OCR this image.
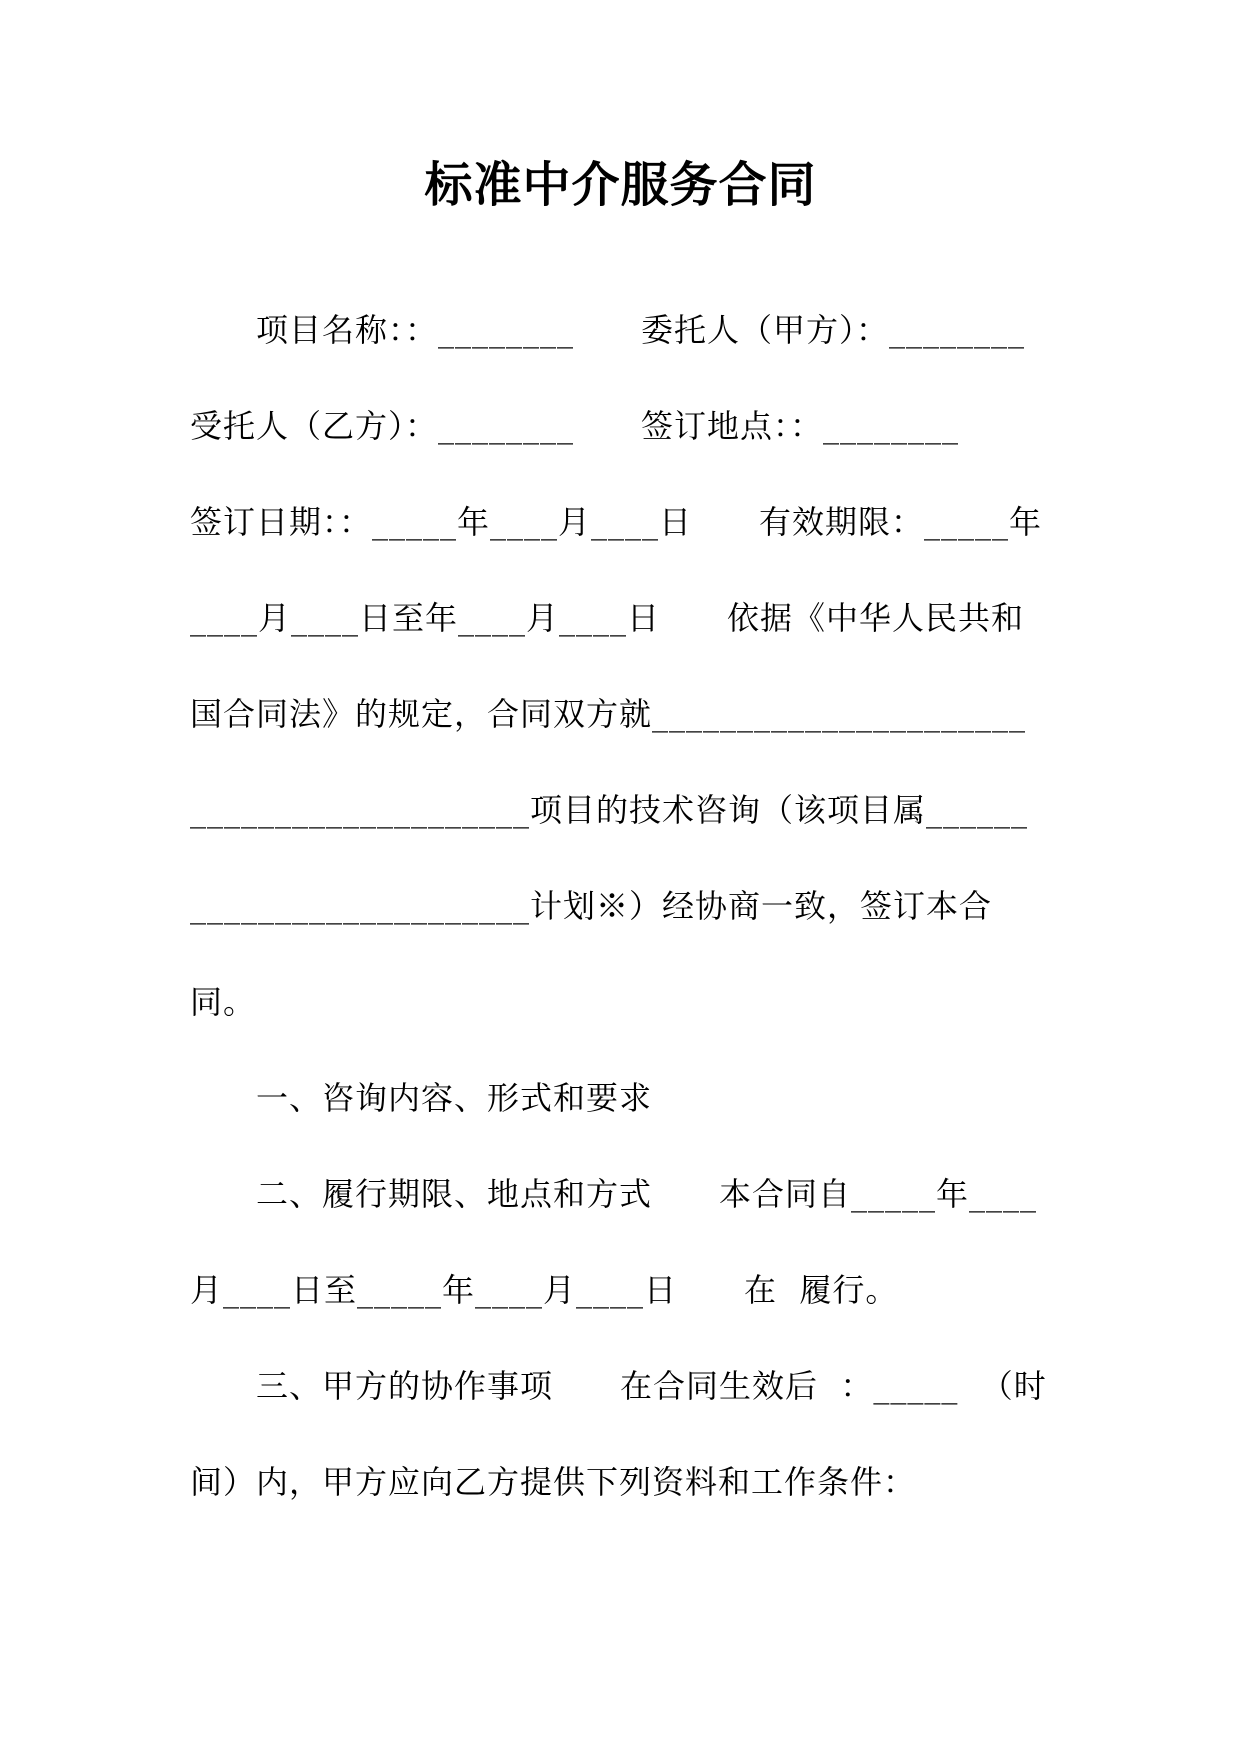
标准中介服务合同
项目名称：：________      委托人（甲方）：________
受托人（乙方）：________      签订地点：：________
签订日期：：_____年____月____日      有效期限：_____年
____月____日至年____月____日      依据《中华人民共和
国合同法》的规定，合同双方就______________________
____________________项目的技术咨询（该项目属______
____________________计划※）经协商一致，签订本合
同。
一、咨询内容、形式和要求
二、履行期限、地点和方式      本合同自_____年____
月____日至_____年____月____日      在  履行。
三、甲方的协作事项      在合同生效后  ：_____  （时
间）内，甲方应向乙方提供下列资料和工作条件：
